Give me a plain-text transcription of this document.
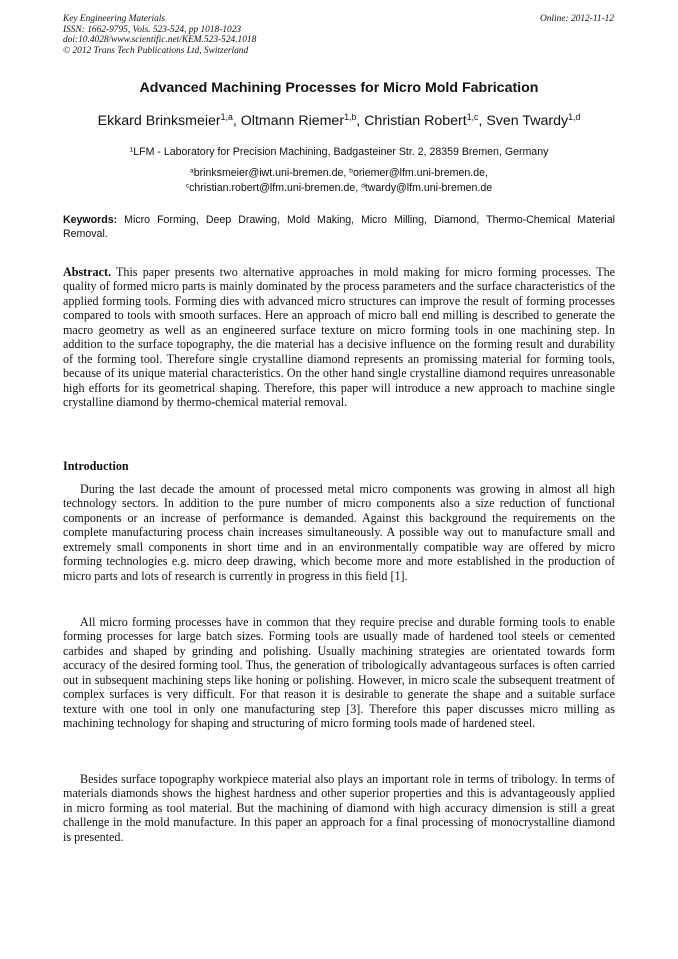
Key Engineering Materials
ISSN: 1662-9795, Vols. 523-524, pp 1018-1023
doi:10.4028/www.scientific.net/KEM.523-524.1018
© 2012 Trans Tech Publications Ltd, Switzerland
Online: 2012-11-12
Advanced Machining Processes for Micro Mold Fabrication
Ekkard Brinksmeier$^{1,a}$, Oltmann Riemer$^{1,b}$, Christian Robert$^{1,c}$, Sven Twardy$^{1,d}$
$^1$LFM - Laboratory for Precision Machining, Badgasteiner Str. 2, 28359 Bremen, Germany
$^a$brinksmeier@iwt.uni-bremen.de, $^b$oriemer@lfm.uni-bremen.de,
$^c$christian.robert@lfm.uni-bremen.de, $^d$twardy@lfm.uni-bremen.de
Keywords: Micro Forming, Deep Drawing, Mold Making, Micro Milling, Diamond, Thermo-Chemical Material Removal.
Abstract. This paper presents two alternative approaches in mold making for micro forming processes. The quality of formed micro parts is mainly dominated by the process parameters and the surface characteristics of the applied forming tools. Forming dies with advanced micro structures can improve the result of forming processes compared to tools with smooth surfaces. Here an approach of micro ball end milling is described to generate the macro geometry as well as an engineered surface texture on micro forming tools in one machining step. In addition to the surface topography, the die material has a decisive influence on the forming result and durability of the forming tool. Therefore single crystalline diamond represents an promissing material for forming tools, because of its unique material characteristics. On the other hand single crystalline diamond requires unreasonable high efforts for its geometrical shaping. Therefore, this paper will introduce a new approach to machine single crystalline diamond by thermo-chemical material removal.
Introduction
During the last decade the amount of processed metal micro components was growing in almost all high technology sectors. In addition to the pure number of micro components also a size reduction of functional components or an increase of performance is demanded. Against this background the requirements on the complete manufacturing process chain increases simultaneously. A possible way out to manufacture small and extremely small components in short time and in an environmentally compatible way are offered by micro forming technologies e.g. micro deep drawing, which become more and more established in the production of micro parts and lots of research is currently in progress in this field [1].
All micro forming processes have in common that they require precise and durable forming tools to enable forming processes for large batch sizes. Forming tools are usually made of hardened tool steels or cemented carbides and shaped by grinding and polishing. Usually machining strategies are orientated towards form accuracy of the desired forming tool. Thus, the generation of tribologically advantageous surfaces is often carried out in subsequent machining steps like honing or polishing. However, in micro scale the subsequent treatment of complex surfaces is very difficult. For that reason it is desirable to generate the shape and a suitable surface texture with one tool in only one manufacturing step [3]. Therefore this paper discusses micro milling as machining technology for shaping and structuring of micro forming tools made of hardened steel.
Besides surface topography workpiece material also plays an important role in terms of tribology. In terms of materials diamonds shows the highest hardness and other superior properties and this is advantageously applied in micro forming as tool material. But the machining of diamond with high accuracy dimension is still a great challenge in the mold manufacture. In this paper an approach for a final processing of monocrystalline diamond is presented.
